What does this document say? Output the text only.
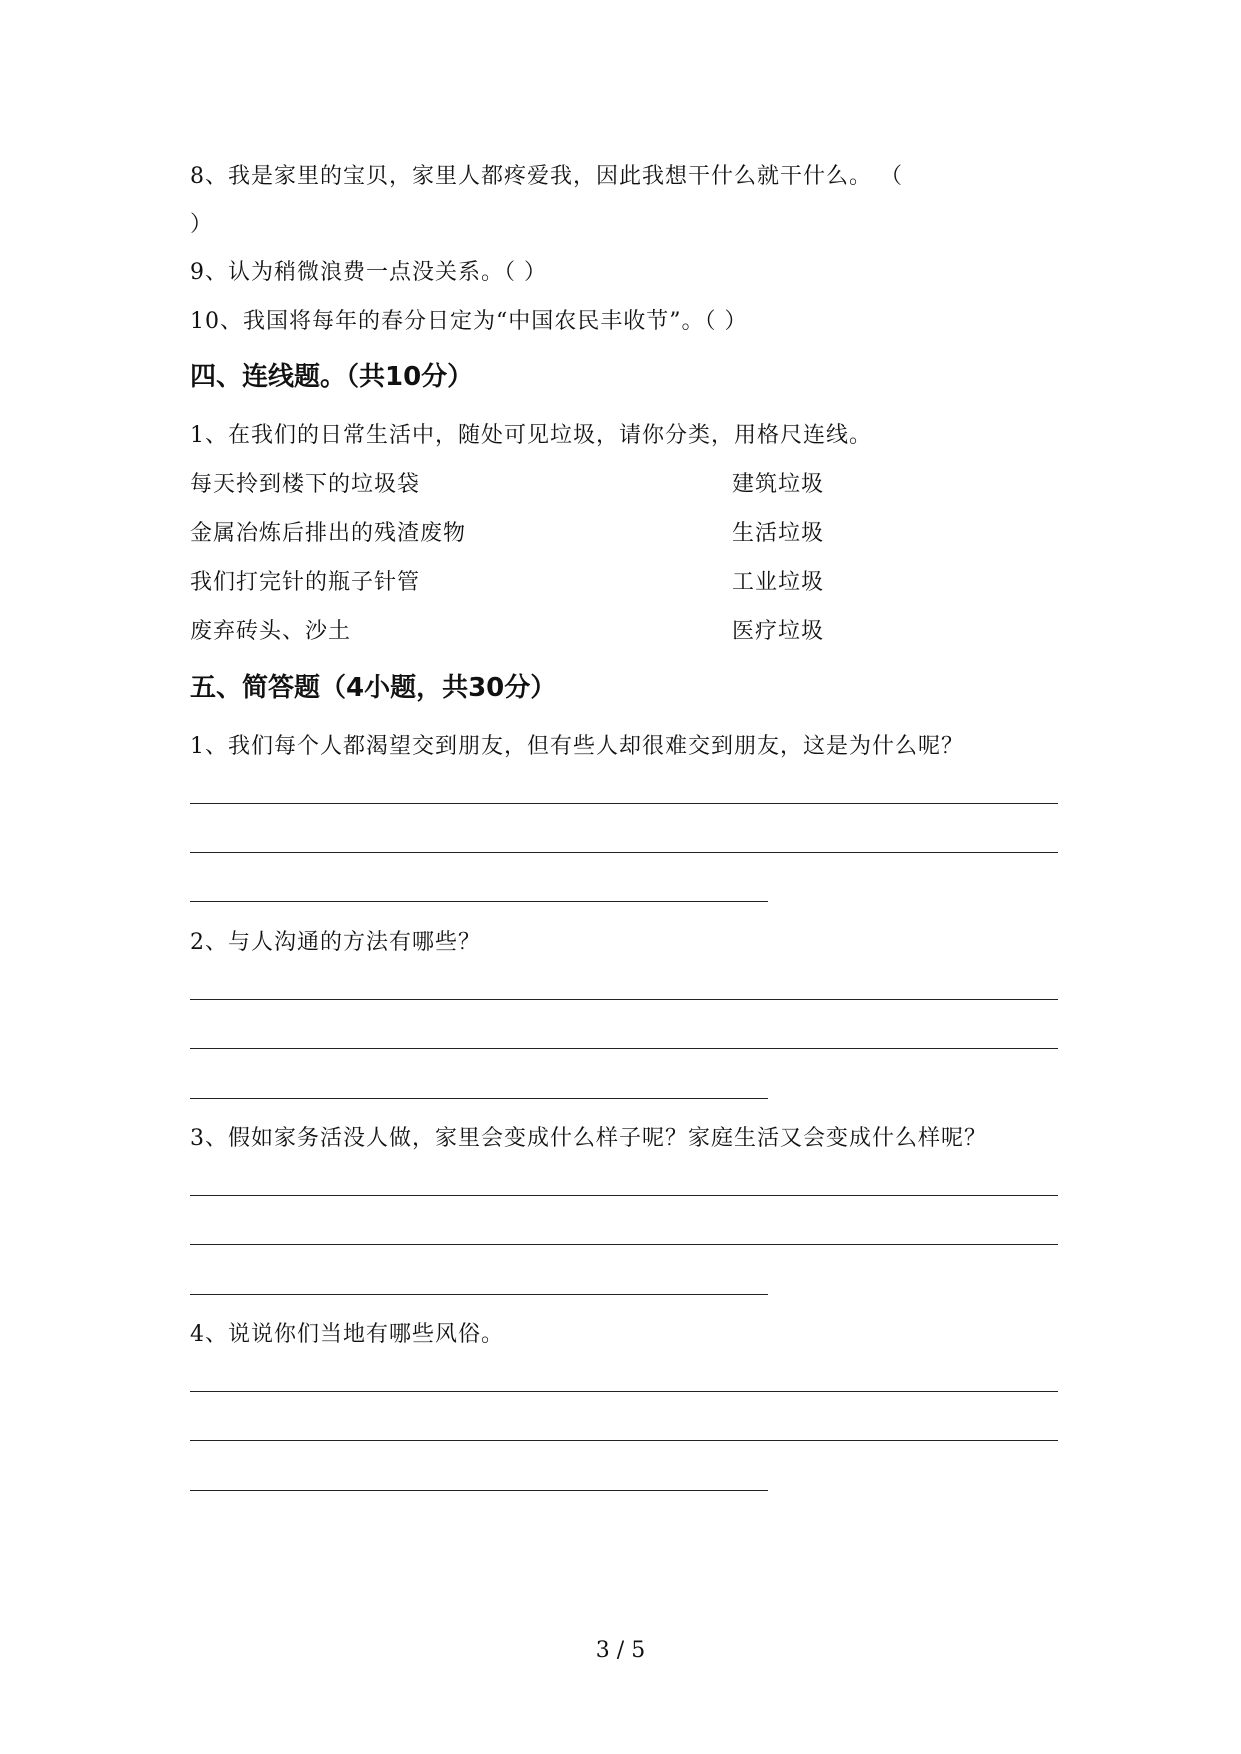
8、我是家里的宝贝，家里人都疼爱我，因此我想干什么就干什么。 （
）
9、认为稍微浪费一点没关系。（ ）
10、我国将每年的春分日定为“中国农民丰收节”。（ ）
四、连线题。（共10分）
1、在我们的日常生活中，随处可见垃圾，请你分类，用格尺连线。
每天拎到楼下的垃圾袋	建筑垃圾
金属冶炼后排出的残渣废物	生活垃圾
我们打完针的瓶子针管	工业垃圾
废弃砖头、沙土	医疗垃圾
五、简答题（4小题，共30分）
1、我们每个人都渴望交到朋友，但有些人却很难交到朋友，这是为什么呢？
2、与人沟通的方法有哪些？
3、假如家务活没人做，家里会变成什么样子呢？家庭生活又会变成什么样呢？
4、说说你们当地有哪些风俗。
3 / 5
